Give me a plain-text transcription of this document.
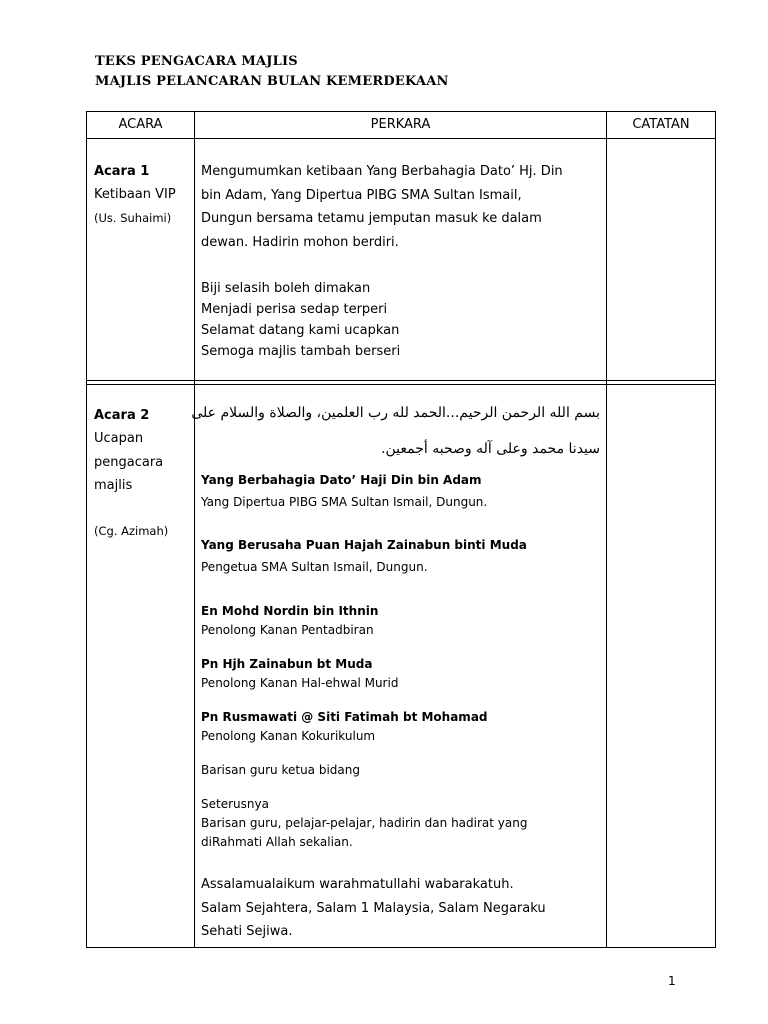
TEKS PENGACARA MAJLIS
MAJLIS PELANCARAN BULAN KEMERDEKAAN
ACARA	PERKARA	CATATAN
Acara 1
Ketibaan VIP
(Us. Suhaimi)
Mengumumkan ketibaan Yang Berbahagia Dato’ Hj. Din
bin Adam, Yang Dipertua PIBG SMA Sultan Ismail,
Dungun bersama tetamu jemputan masuk ke dalam
dewan. Hadirin mohon berdiri.
Biji selasih boleh dimakan
Menjadi perisa sedap terperi
Selamat datang kami ucapkan
Semoga majlis tambah berseri
Acara 2
Ucapan
pengacara
majlis
(Cg. Azimah)
بسم الله الرحمن الرحيم...الحمد لله رب العلمين، والصلاة والسلام على
سيدنا محمد وعلى آله وصحبه أجمعين.
Yang Berbahagia Dato’ Haji Din bin Adam
Yang Dipertua PIBG SMA Sultan Ismail, Dungun.
Yang Berusaha Puan Hajah Zainabun binti Muda
Pengetua SMA Sultan Ismail, Dungun.
En Mohd Nordin bin Ithnin
Penolong Kanan Pentadbiran
Pn Hjh Zainabun bt Muda
Penolong Kanan Hal-ehwal Murid
Pn Rusmawati @ Siti Fatimah bt Mohamad
Penolong Kanan Kokurikulum
Barisan guru ketua bidang
Seterusnya
Barisan guru, pelajar-pelajar, hadirin dan hadirat yang
diRahmati Allah sekalian.
Assalamualaikum warahmatullahi wabarakatuh.
Salam Sejahtera, Salam 1 Malaysia, Salam Negaraku
Sehati Sejiwa.
1
